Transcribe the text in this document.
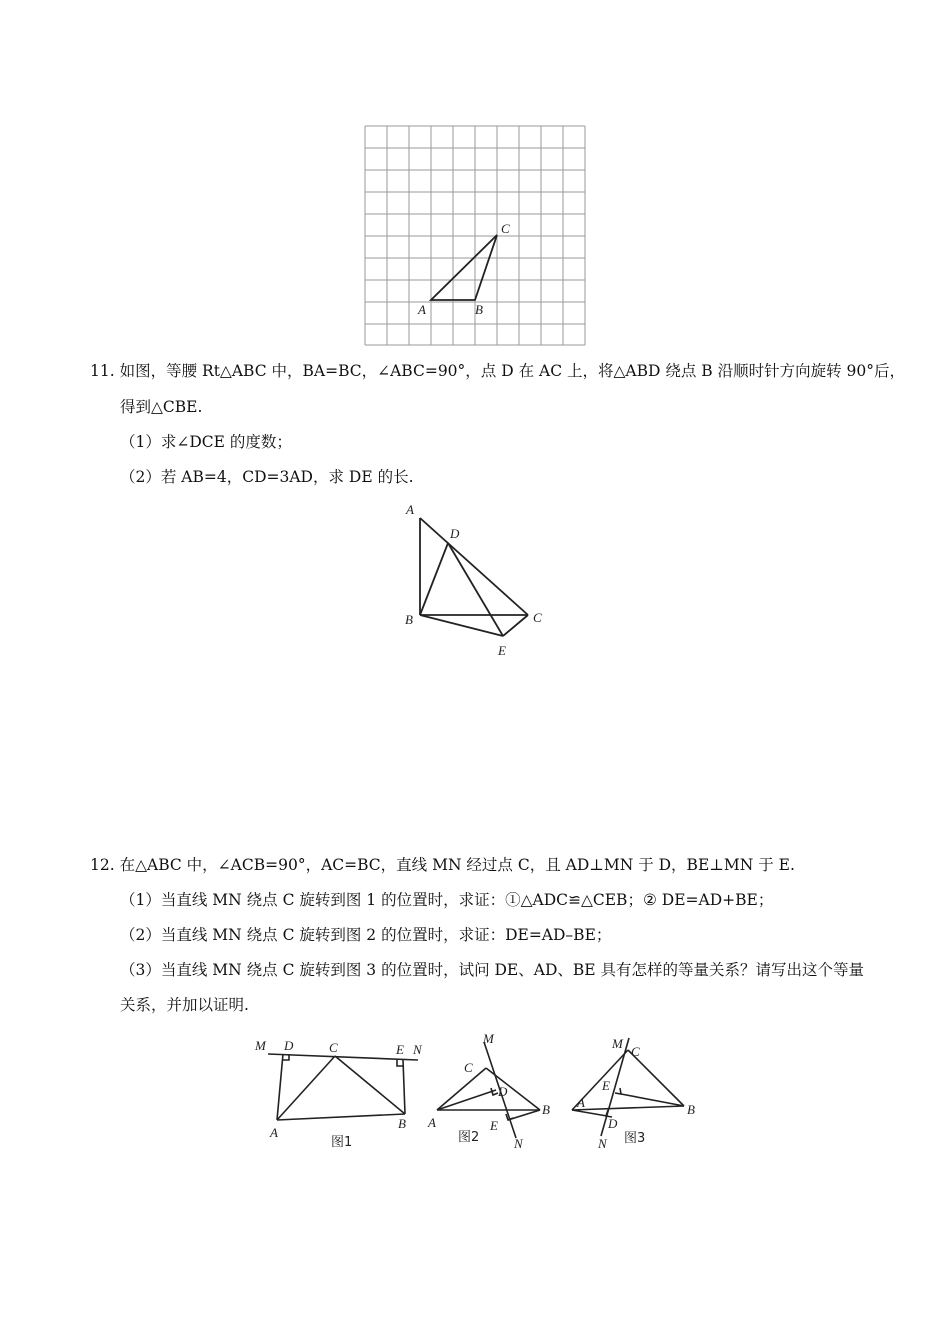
A	B
C
11. 如图，等腰 Rt△ABC 中，BA=BC，∠ABC=90°，点 D 在 AC 上，将△ABD 绕点 B 沿顺时针方向旋转 90°后，
得到△CBE.
（1）求∠DCE 的度数；
（2）若 AB=4，CD=3AD，求 DE 的长.
A
D
B	C
E
12. 在△ABC 中，∠ACB=90°，AC=BC，直线 MN 经过点 C，且 AD⊥MN 于 D，BE⊥MN 于 E.
（1）当直线 MN 绕点 C 旋转到图 1 的位置时，求证：①△ADC≌△CEB；② DE=AD+BE；
（2）当直线 MN 绕点 C 旋转到图 2 的位置时，求证：DE=AD–BE；
（3）当直线 MN 绕点 C 旋转到图 3 的位置时，试问 DE、AD、BE 具有怎样的等量关系？请写出这个等量
关系，并加以证明.
M D	C	E N
A
B
图1
M
C
D
A	E
B
N
图2
A
M
C
E
D
B
N 图3
